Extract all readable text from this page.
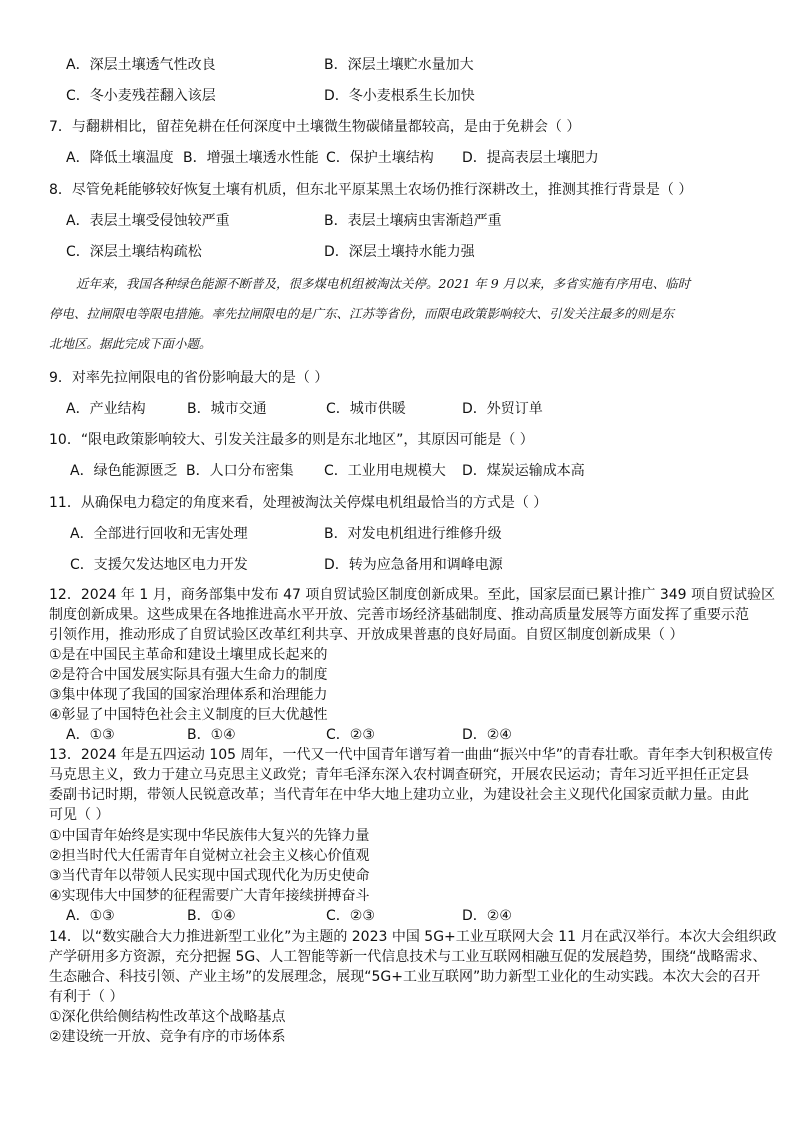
A．深层土壤透气性改良	B．深层土壤贮水量加大
C．冬小麦残茬翻入该层	D．冬小麦根系生长加快
7．与翻耕相比，留茬免耕在任何深度中土壤微生物碳储量都较高，是由于免耕会（ ）
A．降低土壤温度 B．增强土壤透水性能 C．保护土壤结构 D．提高表层土壤肥力
8．尽管免耗能够较好恢复土壤有机质，但东北平原某黑土农场仍推行深耕改土，推测其推行背景是（ ）
A．表层土壤受侵蚀较严重	B．表层土壤病虫害渐趋严重
C．深层土壤结构疏松	D．深层土壤持水能力强
近年来，我国各种绿色能源不断普及，很多煤电机组被淘汰关停。2021 年 9 月以来，多省实施有序用电、临时
停电、拉闸限电等限电措施。率先拉闸限电的是广东、江苏等省份，而限电政策影响较大、引发关注最多的则是东
北地区。据此完成下面小题。
9．对率先拉闸限电的省份影响最大的是（ ）
A．产业结构	B．城市交通	C．城市供暖	D．外贸订单
10．“限电政策影响较大、引发关注最多的则是东北地区”，其原因可能是（ ）
A．绿色能源匮乏 B．人口分布密集 C．工业用电规模大 D．煤炭运输成本高
11．从确保电力稳定的角度来看，处理被淘汰关停煤电机组最恰当的方式是（ ）
A．全部进行回收和无害处理	B．对发电机组进行维修升级
C．支援欠发达地区电力开发	D．转为应急备用和调峰电源
12．2024 年 1 月，商务部集中发布 47 项自贸试验区制度创新成果。至此，国家层面已累计推广 349 项自贸试验区
制度创新成果。这些成果在各地推进高水平开放、完善市场经济基础制度、推动高质量发展等方面发挥了重要示范
引领作用，推动形成了自贸试验区改革红利共享、开放成果普惠的良好局面。自贸区制度创新成果（ ）
①是在中国民主革命和建设土壤里成长起来的
②是符合中国发展实际具有强大生命力的制度
③集中体现了我国的国家治理体系和治理能力
④彰显了中国特色社会主义制度的巨大优越性
A．①③	B．①④	C．②③	D．②④
13．2024 年是五四运动 105 周年，一代又一代中国青年谱写着一曲曲“振兴中华”的青春壮歌。青年李大钊积极宣传
马克思主义，致力于建立马克思主义政党；青年毛泽东深入农村调查研究，开展农民运动；青年习近平担任正定县
委副书记时期，带领人民锐意改革；当代青年在中华大地上建功立业，为建设社会主义现代化国家贡献力量。由此
可见（ ）
①中国青年始终是实现中华民族伟大复兴的先锋力量
②担当时代大任需青年自觉树立社会主义核心价值观
③当代青年以带领人民实现中国式现代化为历史使命
④实现伟大中国梦的征程需要广大青年接续拼搏奋斗
A．①③	B．①④	C．②③	D．②④
14．以“数实融合大力推进新型工业化”为主题的 2023 中国 5G+工业互联网大会 11 月在武汉举行。本次大会组织政
产学研用多方资源，充分把握 5G、人工智能等新一代信息技术与工业互联网相融互促的发展趋势，围绕“战略需求、
生态融合、科技引领、产业主场”的发展理念，展现“5G+工业互联网”助力新型工业化的生动实践。本次大会的召开
有利于（ ）
①深化供给侧结构性改革这个战略基点
②建设统一开放、竞争有序的市场体系
